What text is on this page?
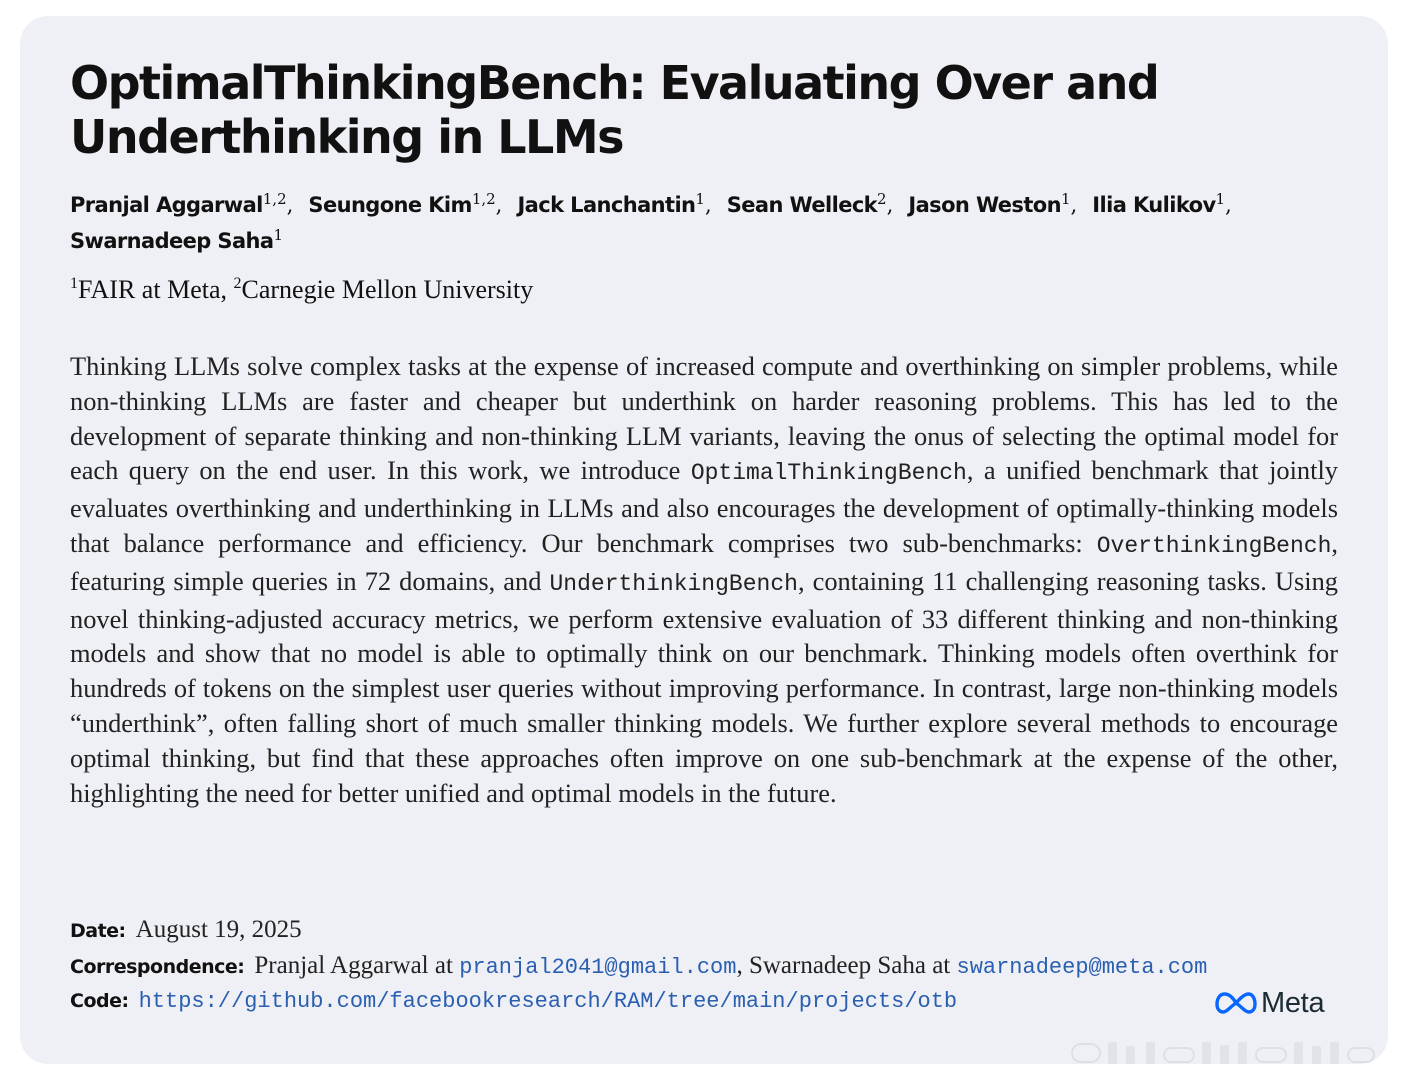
OptimalThinkingBench: Evaluating Over and Underthinking in LLMs
Pranjal Aggarwal$^{1,2}$, Seungone Kim$^{1,2}$, Jack Lanchantin$^1$, Sean Welleck$^2$, Jason Weston$^1$, Ilia Kulikov$^1$,
Swarnadeep Saha$^1$
$^1$FAIR at Meta, $^2$Carnegie Mellon University

Thinking LLMs solve complex tasks at the expense of increased compute and overthinking on simpler problems, while non-thinking LLMs are faster and cheaper but underthink on harder reasoning problems. This has led to the development of separate thinking and non-thinking LLM variants, leaving the onus of selecting the optimal model for each query on the end user. In this work, we introduce OptimalThinkingBench, a unified benchmark that jointly evaluates overthinking and underthinking in LLMs and also encourages the development of optimally-thinking models that balance performance and efficiency. Our benchmark comprises two sub-benchmarks: OverthinkingBench, featuring simple queries in 72 domains, and UnderthinkingBench, containing 11 challenging reasoning tasks. Using novel thinking-adjusted accuracy metrics, we perform extensive evaluation of 33 different thinking and non-thinking models and show that no model is able to optimally think on our benchmark. Thinking models often overthink for hundreds of tokens on the simplest user queries without improving performance. In contrast, large non-thinking models “underthink”, often falling short of much smaller thinking models. We further explore several methods to encourage optimal thinking, but find that these approaches often improve on one sub-benchmark at the expense of the other, highlighting the need for better unified and optimal models in the future.

Date: August 19, 2025
Correspondence: Pranjal Aggarwal at pranjal2041@gmail.com, Swarnadeep Saha at swarnadeep@meta.com
Code: https://github.com/facebookresearch/RAM/tree/main/projects/otb	Meta
